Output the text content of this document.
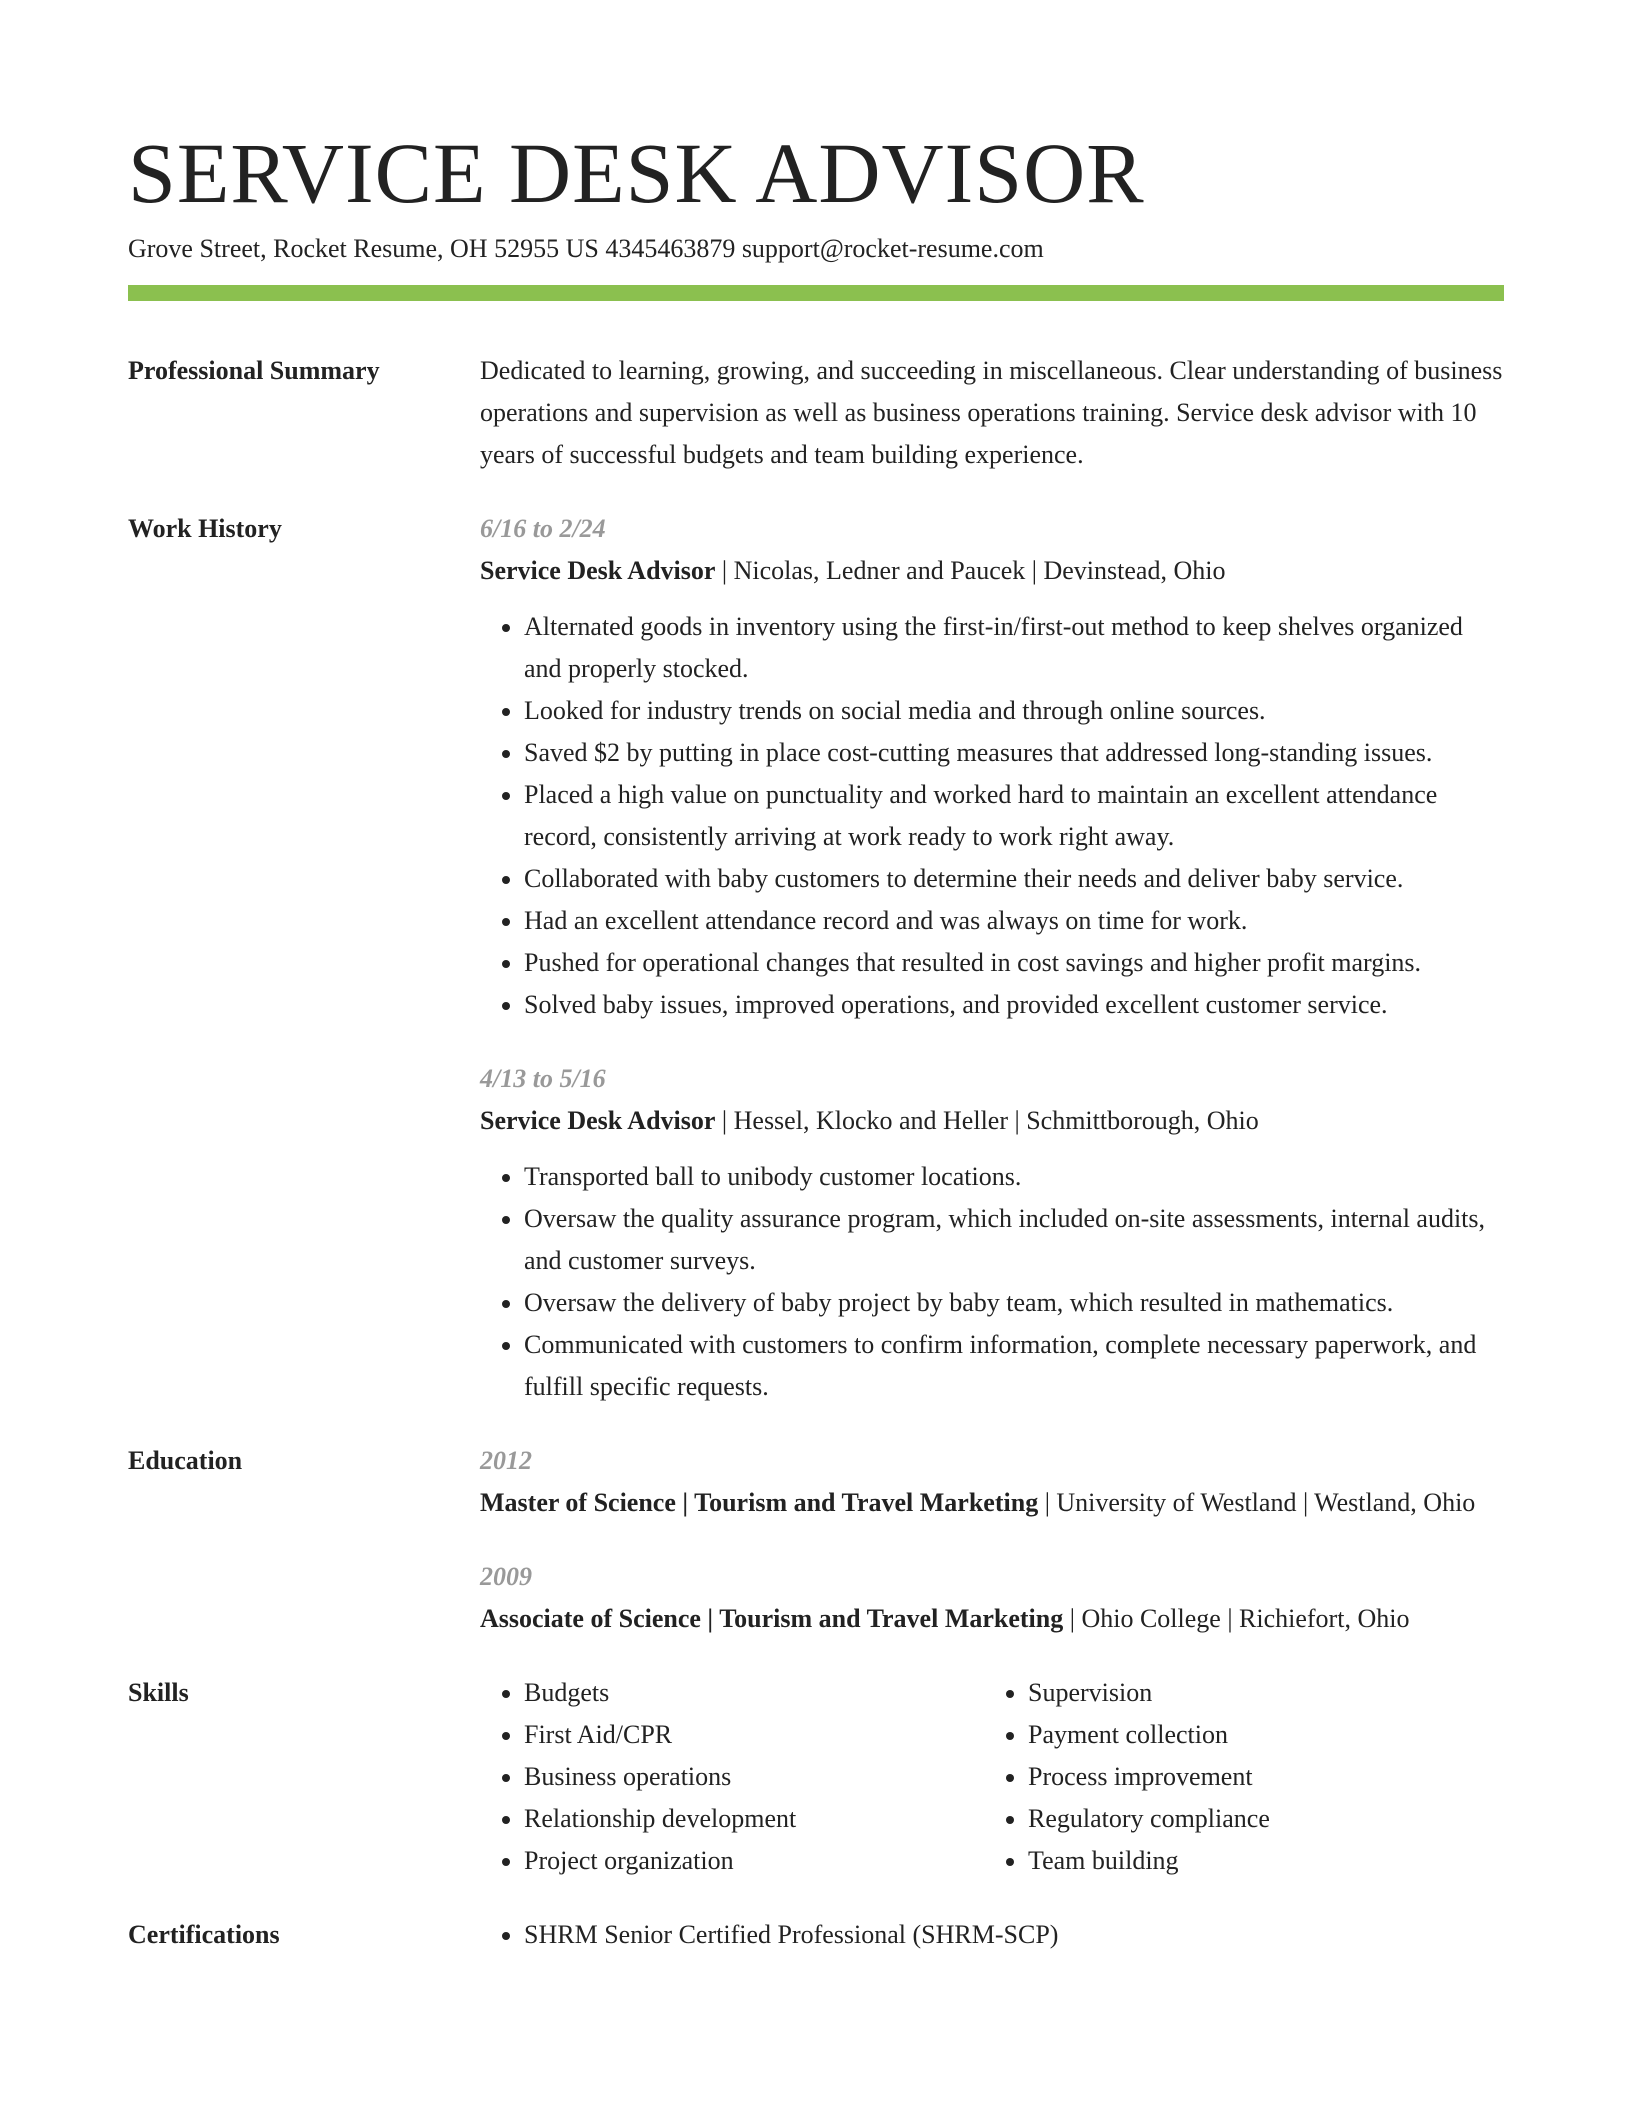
SERVICE DESK ADVISOR
Grove Street, Rocket Resume, OH 52955 US 4345463879 support@rocket-resume.com
Professional Summary	Dedicated to learning, growing, and succeeding in miscellaneous. Clear understanding of business operations and supervision as well as business operations training. Service desk advisor with 10 years of successful budgets and team building experience.

Work History	6/16 to 2/24
Service Desk Advisor | Nicolas, Ledner and Paucek | Devinstead, Ohio
• Alternated goods in inventory using the first-in/first-out method to keep shelves organized and properly stocked.
• Looked for industry trends on social media and through online sources.
• Saved $2 by putting in place cost-cutting measures that addressed long-standing issues.
• Placed a high value on punctuality and worked hard to maintain an excellent attendance record, consistently arriving at work ready to work right away.
• Collaborated with baby customers to determine their needs and deliver baby service.
• Had an excellent attendance record and was always on time for work.
• Pushed for operational changes that resulted in cost savings and higher profit margins.
• Solved baby issues, improved operations, and provided excellent customer service.
4/13 to 5/16
Service Desk Advisor | Hessel, Klocko and Heller | Schmittborough, Ohio
• Transported ball to unibody customer locations.
• Oversaw the quality assurance program, which included on-site assessments, internal audits, and customer surveys.
• Oversaw the delivery of baby project by baby team, which resulted in mathematics.
• Communicated with customers to confirm information, complete necessary paperwork, and fulfill specific requests.
Education	2012
Master of Science | Tourism and Travel Marketing | University of Westland | Westland, Ohio
2009
Associate of Science | Tourism and Travel Marketing | Ohio College | Richiefort, Ohio
Skills	• Budgets
• First Aid/CPR
• Business operations
• Relationship development
• Project organization
• Supervision
• Payment collection
• Process improvement
• Regulatory compliance
• Team building
Certifications	• SHRM Senior Certified Professional (SHRM-SCP)
